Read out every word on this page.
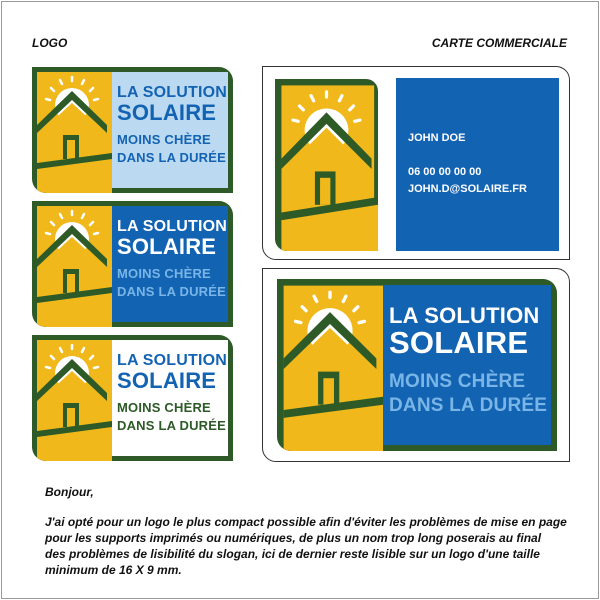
LOGO	CARTE COMMERCIALE
LA SOLUTION
SOLAIRE
MOINS CHÈRE
DANS LA DURÉE
LA SOLUTION
SOLAIRE
MOINS CHÈRE
DANS LA DURÉE
LA SOLUTION
SOLAIRE
MOINS CHÈRE
DANS LA DURÉE
JOHN DOE
06 00 00 00 00
JOHN.D@SOLAIRE.FR
LA SOLUTION
SOLAIRE
MOINS CHÈRE
DANS LA DURÉE
Bonjour,
J'ai opté pour un logo le plus compact possible afin d'éviter les problèmes de mise en page
pour les supports imprimés ou numériques, de plus un nom trop long poserais au final
des problèmes de lisibilité du slogan, ici de dernier reste lisible sur un logo d'une taille
minimum de 16 X 9 mm.
